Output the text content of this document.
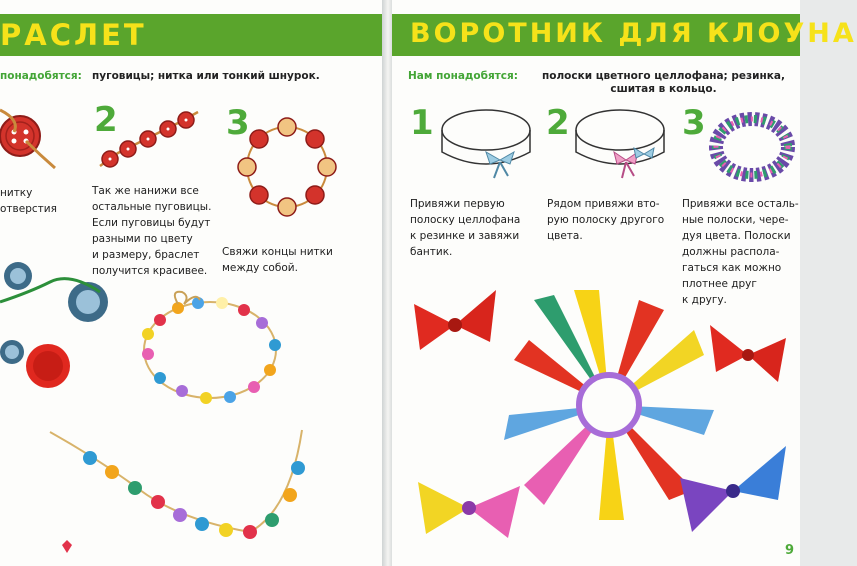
РАСЛЕТ
понадобятся: пуговицы; нитка или тонкий шнурок.
нитку
отверстия
2
Так же нанижи все
остальные пуговицы.
Если пуговицы будут
разными по цвету
и размеру, браслет
получится красивее.
3
Свяжи концы нитки
между собой.
ВОРОТНИК ДЛЯ КЛОУНА
Нам понадобятся: полоски цветного целлофана; резинка,
сшитая в кольцо.
1
Привяжи первую
полоску целлофана
к резинке и завяжи
бантик.
2
Рядом привяжи вто-
рую полоску другого
цвета.
3
Привяжи все осталь-
ные полоски, чере-
дуя цвета. Полоски
должны распола-
гаться как можно
плотнее друг
к другу.
9
